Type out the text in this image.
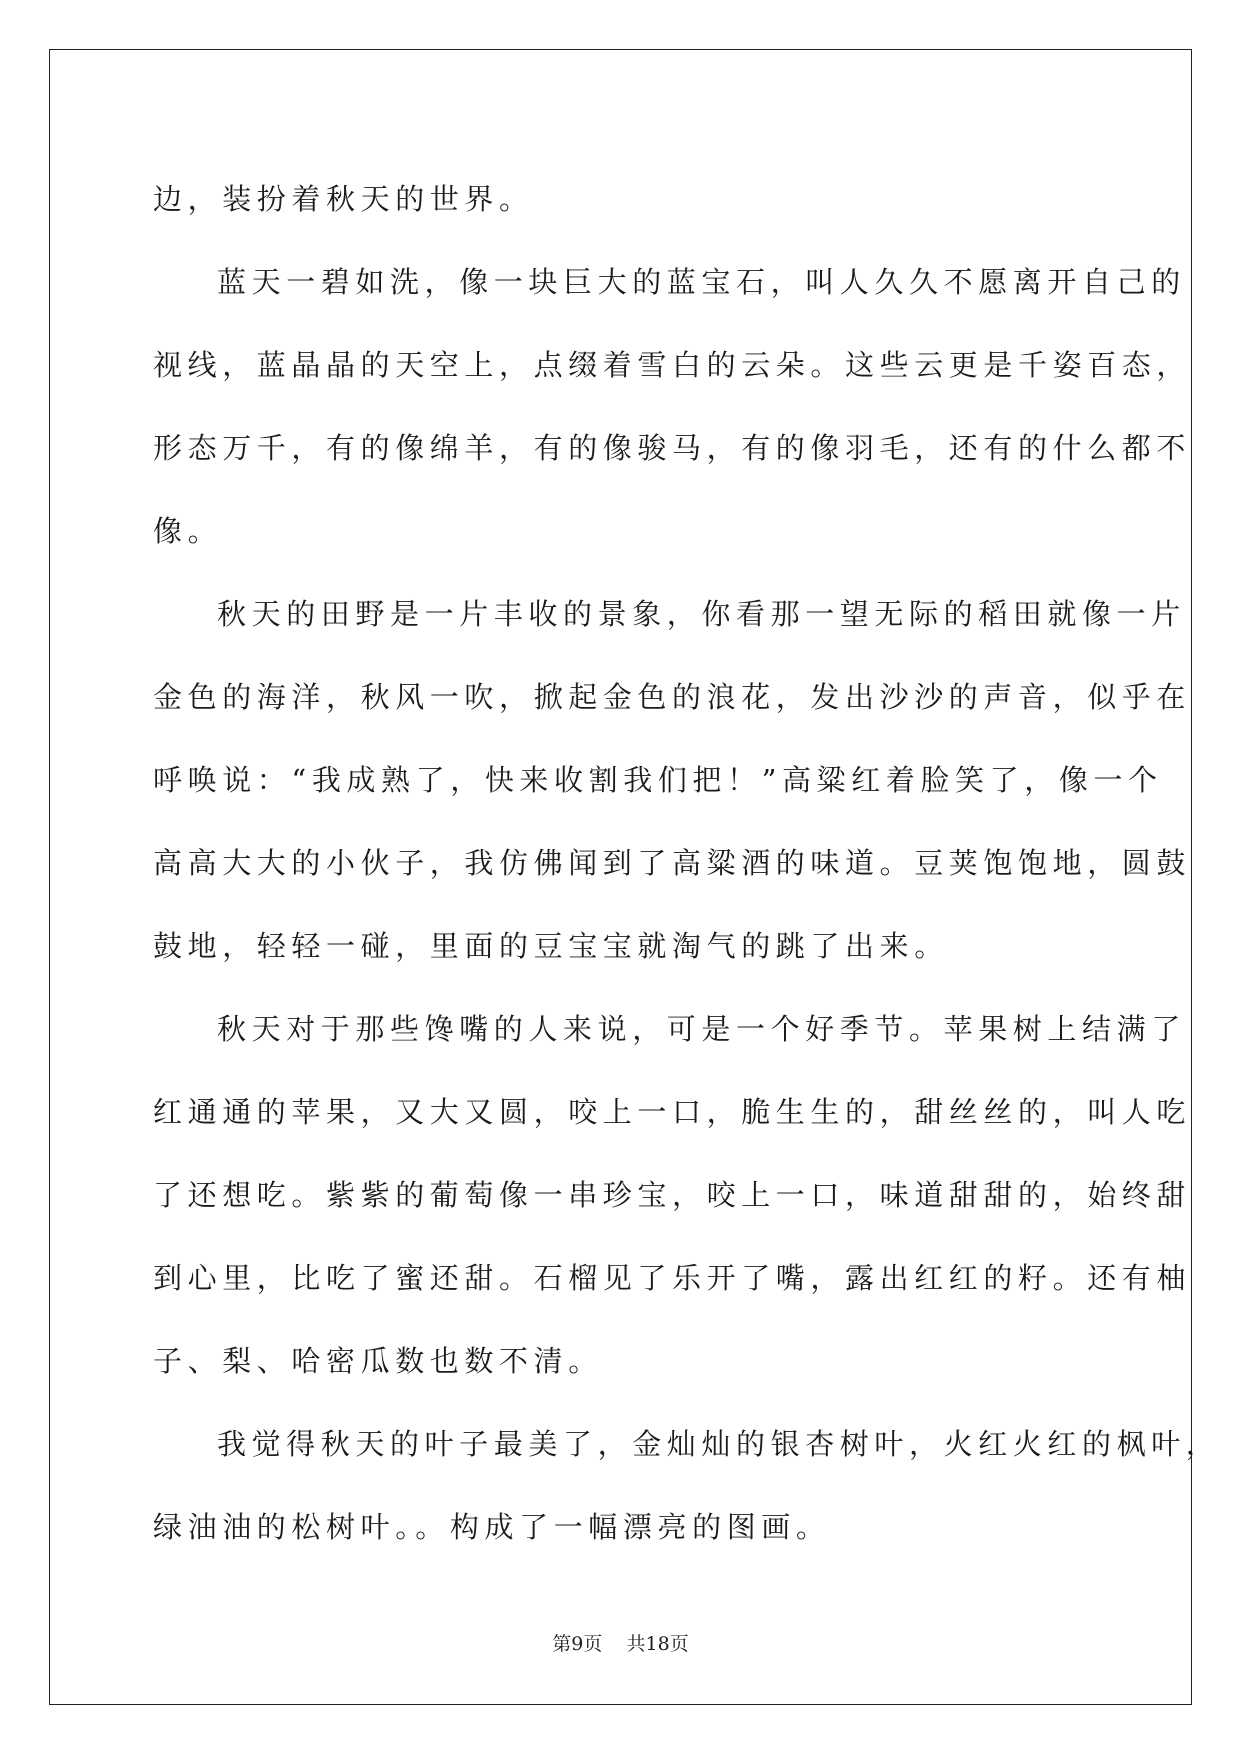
边，装扮着秋天的世界。
蓝天一碧如洗，像一块巨大的蓝宝石，叫人久久不愿离开自己的
视线，蓝晶晶的天空上，点缀着雪白的云朵。这些云更是千姿百态，
形态万千，有的像绵羊，有的像骏马，有的像羽毛，还有的什么都不
像。
秋天的田野是一片丰收的景象，你看那一望无际的稻田就像一片
金色的海洋，秋风一吹，掀起金色的浪花，发出沙沙的声音，似乎在
呼唤说：“我成熟了，快来收割我们把！”高粱红着脸笑了，像一个
高高大大的小伙子，我仿佛闻到了高粱酒的味道。豆荚饱饱地，圆鼓
鼓地，轻轻一碰，里面的豆宝宝就淘气的跳了出来。
秋天对于那些馋嘴的人来说，可是一个好季节。苹果树上结满了
红通通的苹果，又大又圆，咬上一口，脆生生的，甜丝丝的，叫人吃
了还想吃。紫紫的葡萄像一串珍宝，咬上一口，味道甜甜的，始终甜
到心里，比吃了蜜还甜。石榴见了乐开了嘴，露出红红的籽。还有柚
子、梨、哈密瓜数也数不清。
我觉得秋天的叶子最美了，金灿灿的银杏树叶，火红火红的枫叶，
绿油油的松树叶。。构成了一幅漂亮的图画。
第9页    共18页
